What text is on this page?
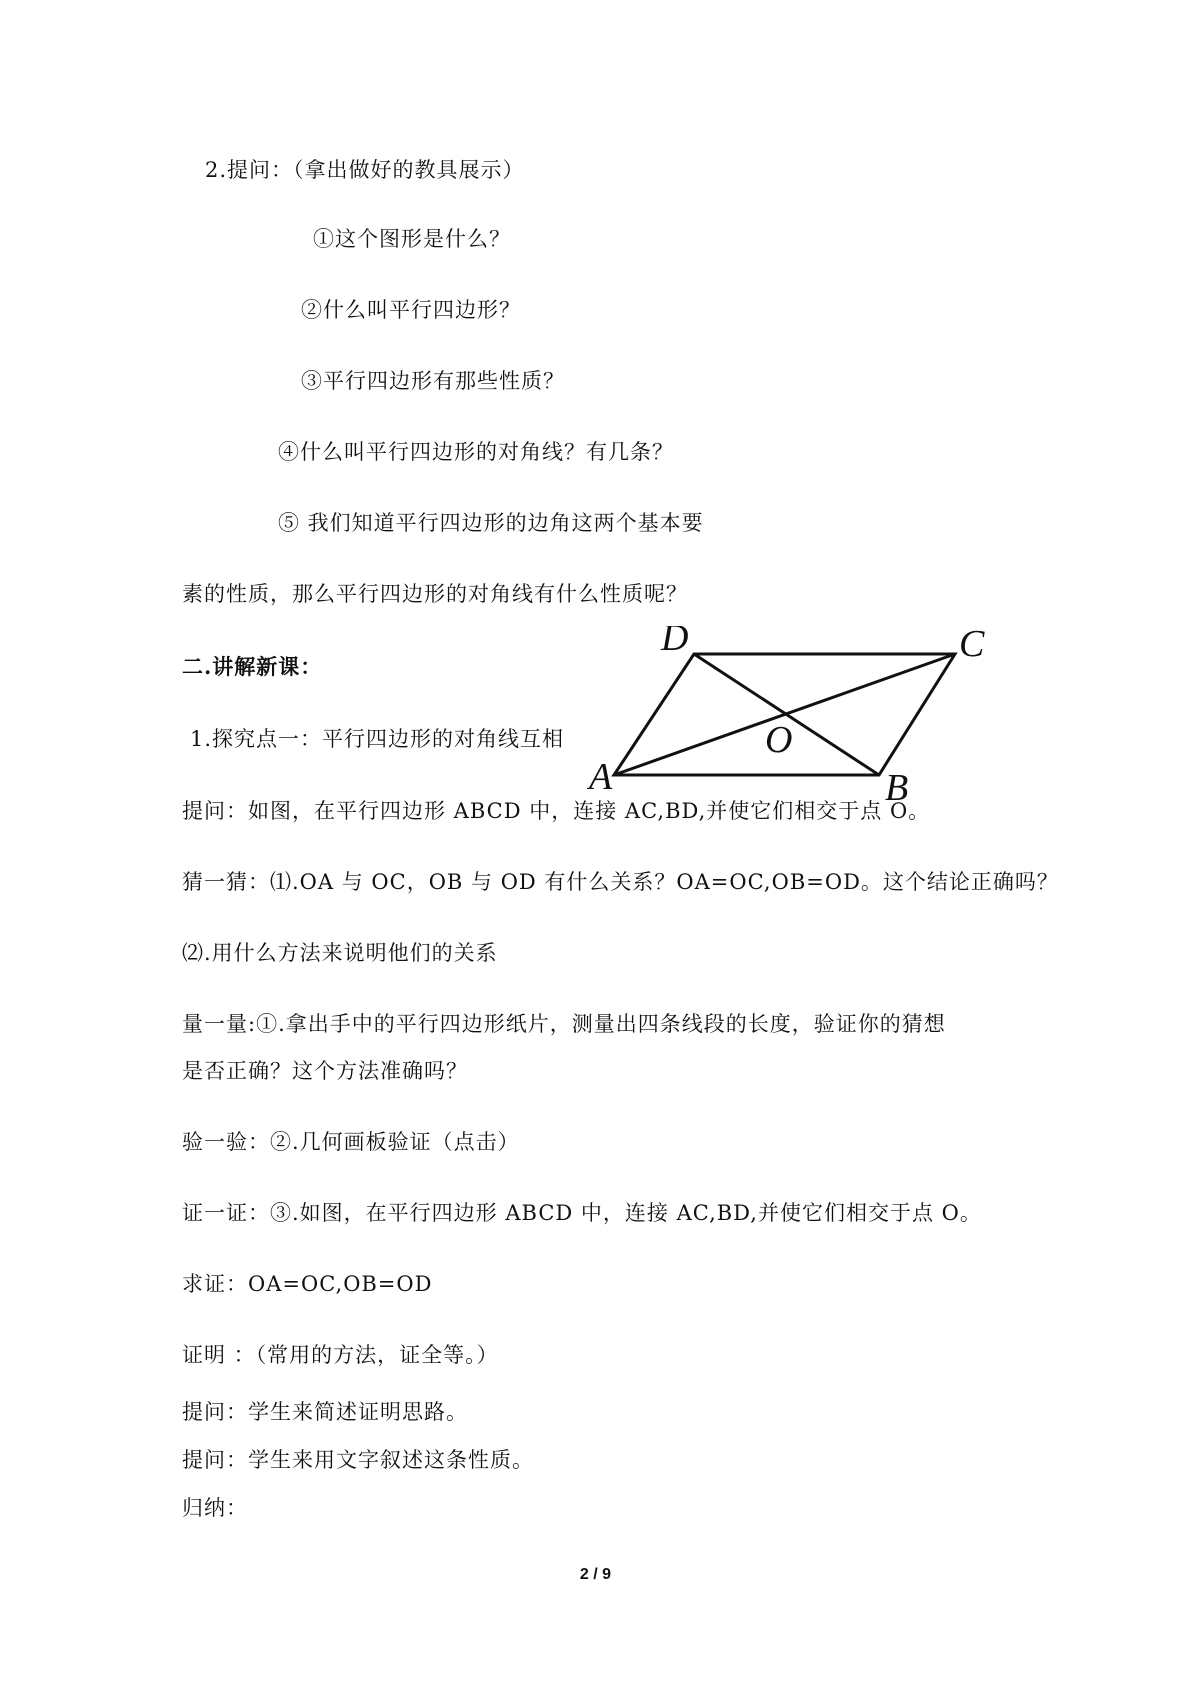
2.提问：（拿出做好的教具展示）
①这个图形是什么？
②什么叫平行四边形？
③平行四边形有那些性质？
④什么叫平行四边形的对角线？有几条？
⑤ 我们知道平行四边形的边角这两个基本要
素的性质，那么平行四边形的对角线有什么性质呢？
二.讲解新课：
1.探究点一：平行四边形的对角线互相
D	C
A	B
O
提问：如图，在平行四边形 ABCD 中，连接 AC,BD,并使它们相交于点 O。
猜一猜：⑴.OA 与 OC，OB 与 OD 有什么关系？OA=OC,OB=OD。这个结论正确吗？
⑵.用什么方法来说明他们的关系
量一量:①.拿出手中的平行四边形纸片，测量出四条线段的长度，验证你的猜想
是否正确？这个方法准确吗？
验一验：②.几何画板验证（点击）
证一证：③.如图，在平行四边形 ABCD 中，连接 AC,BD,并使它们相交于点 O。
求证：OA=OC,OB=OD
证明 ：（常用的方法，证全等。）
提问：学生来简述证明思路。
提问：学生来用文字叙述这条性质。
归纳：
2 / 9
